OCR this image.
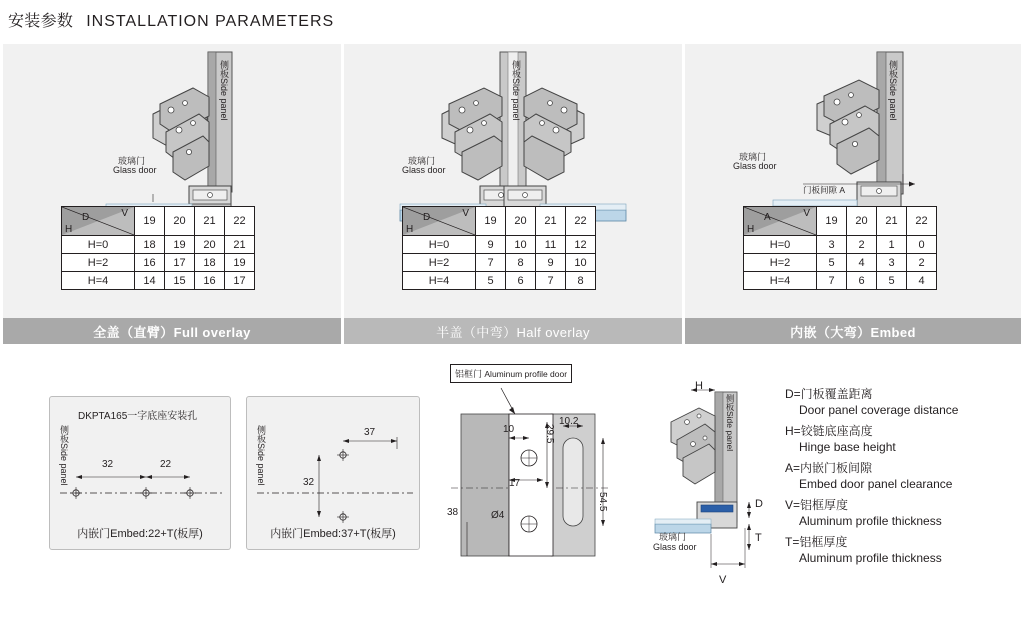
安装参数 INSTALLATION PARAMETERS
玻璃门
Glass door
侧板Side panel
V
D
H	19	20	21	22
H=0	18	19	20	21
H=2	16	17	18	19
H=4	14	15	16	17
全盖（直臂）Full overlay
玻璃门
Glass door
侧板Side panel
V
D
H	19	20	21	22
H=0	9	10	11	12
H=2	7	8	9	10
H=4	5	6	7	8
半盖（中弯）Half overlay
玻璃门
Glass door
门板间隙 A
侧板Side panel
V
A
H	19	20	21	22
H=0	3	2	1	0
H=2	5	4	3	2
H=4	7	6	5	4
内嵌（大弯）Embed
侧板Side panel
DKPTA165一字底座安装孔
32	22
内嵌门Embed:22+T(板厚)
侧板Side panel
37
32
内嵌门Embed:37+T(板厚)
铝框门 Aluminum profile door
10	29.5
17
38	Ø4
10.2
54.5
H
D
T
V
侧板Side panel
玻璃门
Glass door
D=门板覆盖距离
Door panel coverage distance
H=铰链底座高度
Hinge base height
A=内嵌门板间隙
Embed door panel clearance
V=铝框厚度
Aluminum profile thickness
T=铝框厚度
Aluminum profile thickness
